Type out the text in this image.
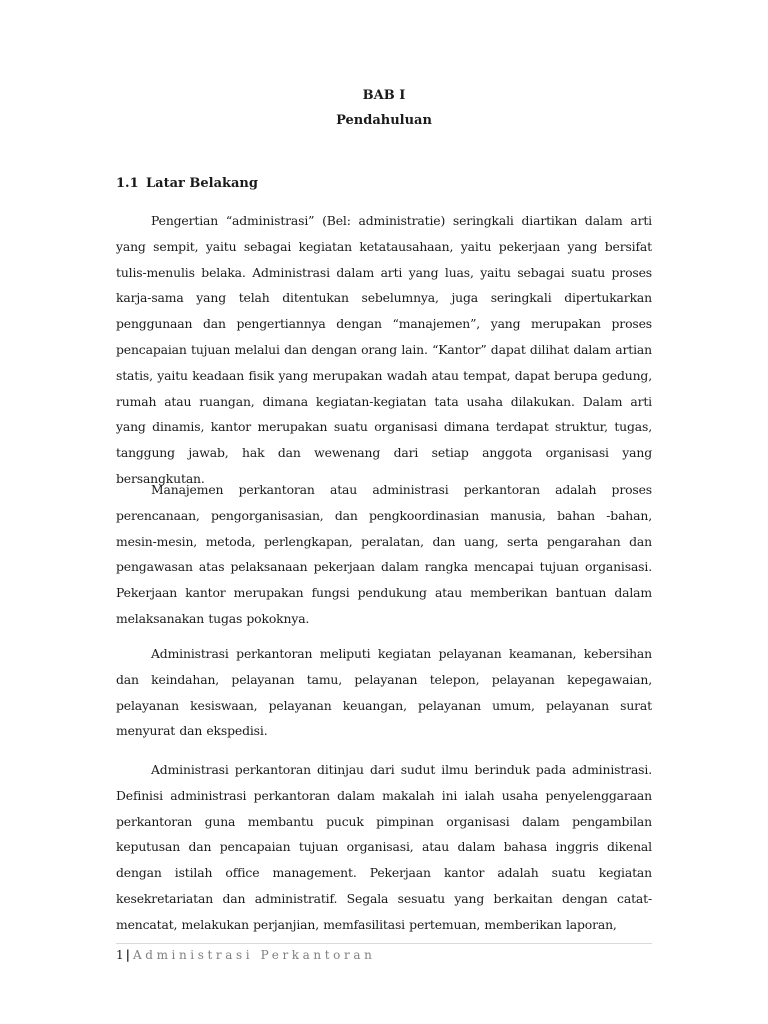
BAB I
Pendahuluan
1.1 Latar Belakang

Pengertian “administrasi” (Bel: administratie) seringkali diartikan dalam arti yang sempit, yaitu sebagai kegiatan ketatausahaan, yaitu pekerjaan yang bersifat tulis-menulis belaka. Administrasi dalam arti yang luas, yaitu sebagai suatu proses karja-sama yang telah ditentukan sebelumnya, juga seringkali dipertukarkan penggunaan dan pengertiannya dengan “manajemen”, yang merupakan proses pencapaian tujuan melalui dan dengan orang lain. “Kantor” dapat dilihat dalam artian statis, yaitu keadaan fisik yang merupakan wadah atau tempat, dapat berupa gedung, rumah atau ruangan, dimana kegiatan-kegiatan tata usaha dilakukan. Dalam arti yang dinamis, kantor merupakan suatu organisasi dimana terdapat struktur, tugas, tanggung jawab, hak dan wewenang dari setiap anggota organisasi yang bersangkutan.

Manajemen perkantoran atau administrasi perkantoran adalah proses perencanaan, pengorganisasian, dan pengkoordinasian manusia, bahan -bahan, mesin-mesin, metoda, perlengkapan, peralatan, dan uang, serta pengarahan dan pengawasan atas pelaksanaan pekerjaan dalam rangka mencapai tujuan organisasi. Pekerjaan kantor merupakan fungsi pendukung atau memberikan bantuan dalam melaksanakan tugas pokoknya.

Administrasi perkantoran meliputi kegiatan pelayanan keamanan, kebersihan dan keindahan, pelayanan tamu, pelayanan telepon, pelayanan kepegawaian, pelayanan kesiswaan, pelayanan keuangan, pelayanan umum, pelayanan surat menyurat dan ekspedisi.

Administrasi perkantoran ditinjau dari sudut ilmu berinduk pada administrasi. Definisi administrasi perkantoran dalam makalah ini ialah usaha penyelenggaraan perkantoran guna membantu pucuk pimpinan organisasi dalam pengambilan keputusan dan pencapaian tujuan organisasi, atau dalam bahasa inggris dikenal dengan istilah office management. Pekerjaan kantor adalah suatu kegiatan kesekretariatan dan administratif. Segala sesuatu yang berkaitan dengan catat-mencatat, melakukan perjanjian, memfasilitasi pertemuan, memberikan laporan,

1 | Administrasi Perkantoran
